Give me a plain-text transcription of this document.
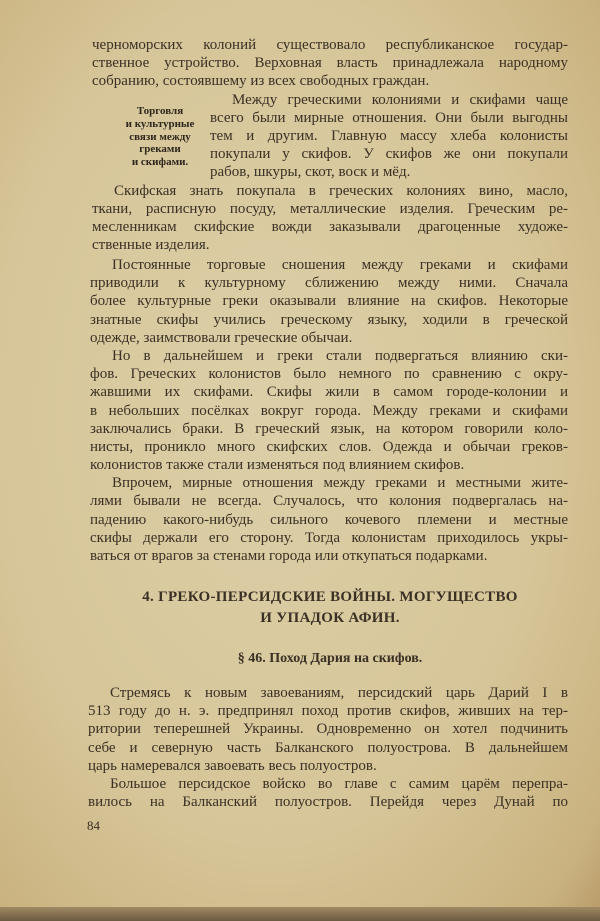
черноморских колоний существовало республиканское государ-
ственное устройство. Верховная власть принадлежала народному
собранию, состоявшему из всех свободных граждан.
Между греческими колониями и скифами чаще
всего были мирные отношения. Они были выгодны
тем и другим. Главную массу хлеба колонисты
покупали у скифов. У скифов же они покупали
рабов, шкуры, скот, воск и мёд.
Скифская знать покупала в греческих колониях вино, масло,
ткани, расписную посуду, металлические изделия. Греческим ре-
месленникам скифские вожди заказывали драгоценные художе-
ственные изделия.
Торговля
и культурные
связи между
греками
и скифами.
Постоянные торговые сношения между греками и скифами
приводили к культурному сближению между ними. Сначала
более культурные греки оказывали влияние на скифов. Некоторые
знатные скифы учились греческому языку, ходили в греческой
одежде, заимствовали греческие обычаи.
Но в дальнейшем и греки стали подвергаться влиянию ски-
фов. Греческих колонистов было немного по сравнению с окру-
жавшими их скифами. Скифы жили в самом городе-колонии и
в небольших посёлках вокруг города. Между греками и скифами
заключались браки. В греческий язык, на котором говорили коло-
нисты, проникло много скифских слов. Одежда и обычаи греков-
колонистов также стали изменяться под влиянием скифов.
Впрочем, мирные отношения между греками и местными жите-
лями бывали не всегда. Случалось, что колония подвергалась на-
падению какого-нибудь сильного кочевого племени и местные
скифы держали его сторону. Тогда колонистам приходилось укры-
ваться от врагов за стенами города или откупаться подарками.
4. ГРЕКО-ПЕРСИДСКИЕ ВОЙНЫ. МОГУЩЕСТВО
И УПАДОК АФИН.
§ 46. Поход Дария на скифов.
Стремясь к новым завоеваниям, персидский царь Дарий I в
513 году до н. э. предпринял поход против скифов, живших на тер-
ритории теперешней Украины. Одновременно он хотел подчинить
себе и северную часть Балканского полуострова. В дальнейшем
царь намеревался завоевать весь полуостров.
Большое персидское войско во главе с самим царём перепра-
вилось на Балканский полуостров. Перейдя через Дунай по
84
